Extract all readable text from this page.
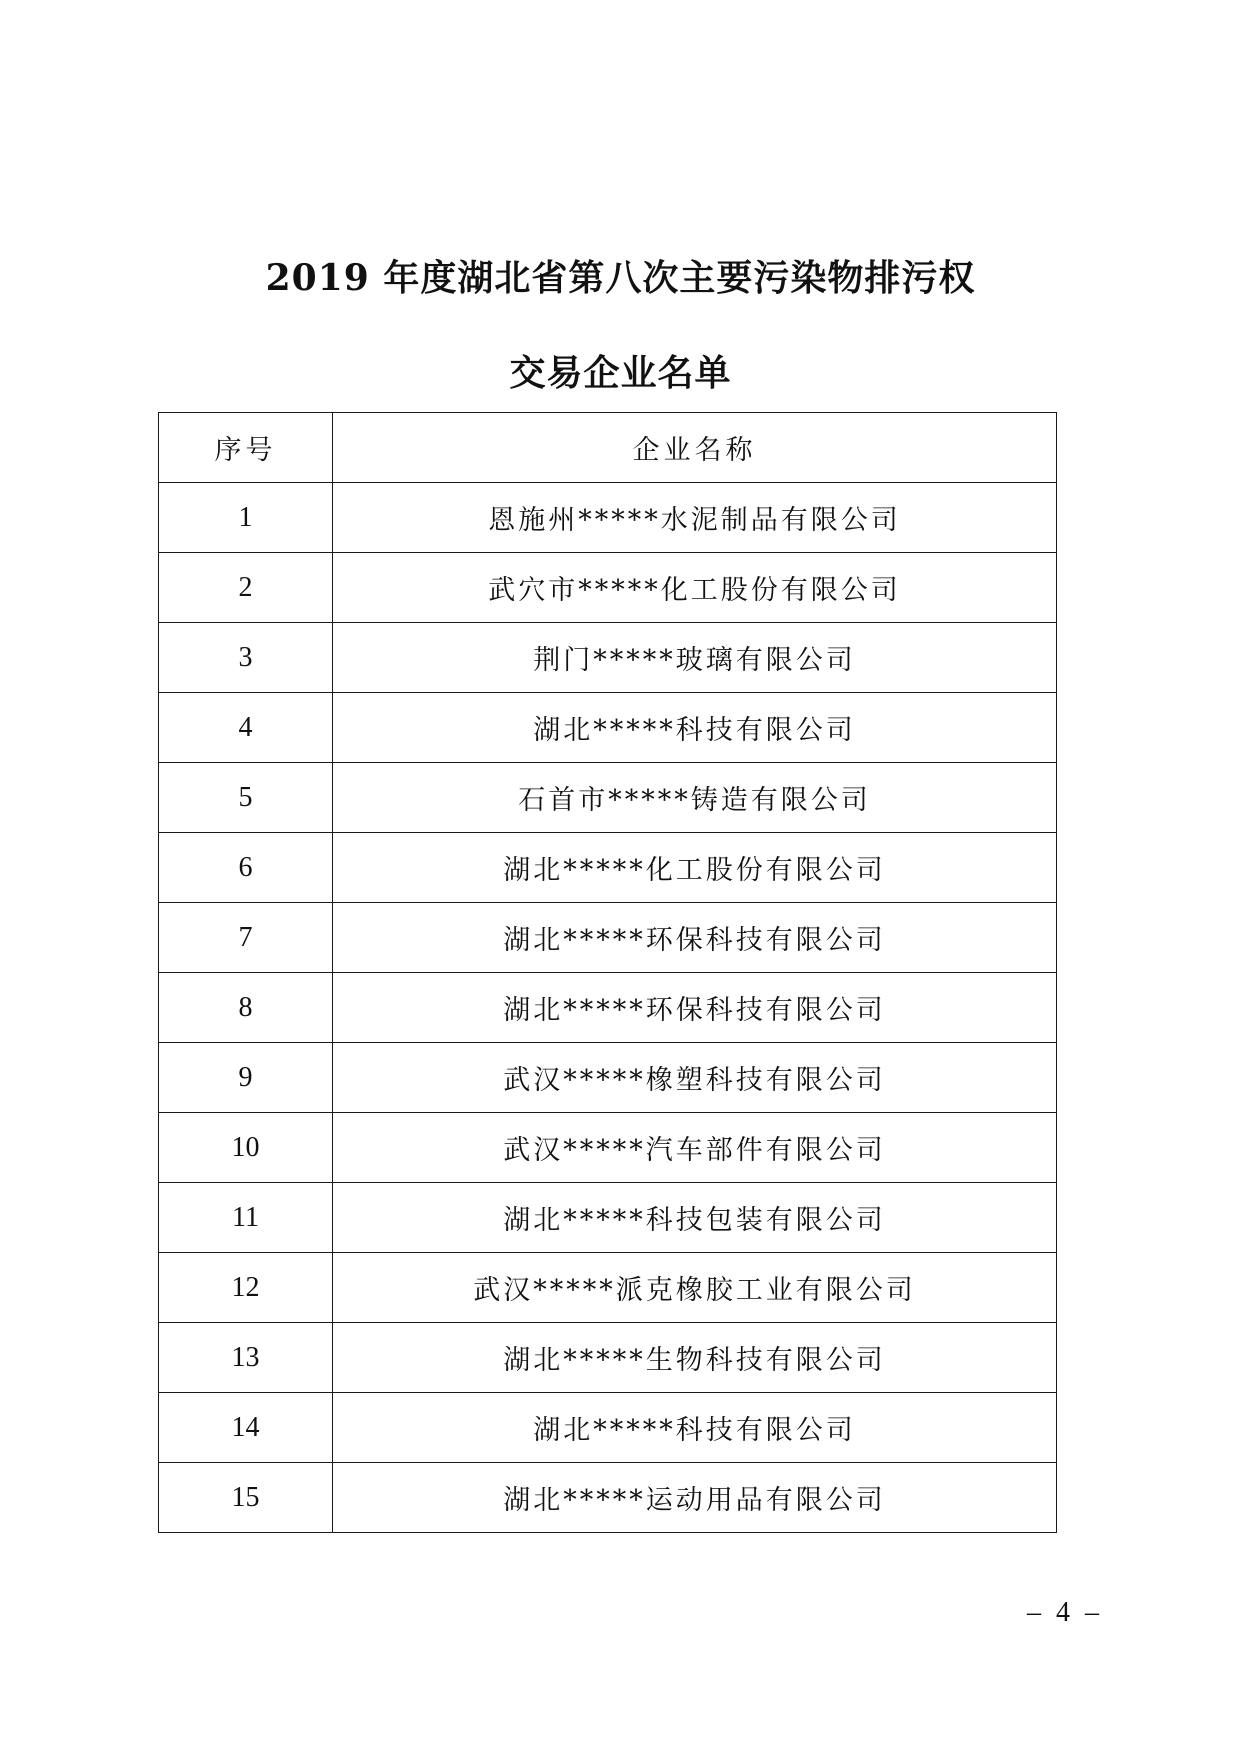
2019 年度湖北省第八次主要污染物排污权
交易企业名单
序号	企业名称
1	恩施州*****水泥制品有限公司
2	武穴市*****化工股份有限公司
3	荆门*****玻璃有限公司
4	湖北*****科技有限公司
5	石首市*****铸造有限公司
6	湖北*****化工股份有限公司
7	湖北*****环保科技有限公司
8	湖北*****环保科技有限公司
9	武汉*****橡塑科技有限公司
10	武汉*****汽车部件有限公司
11	湖北*****科技包装有限公司
12	武汉*****派克橡胶工业有限公司
13	湖北*****生物科技有限公司
14	湖北*****科技有限公司
15	湖北*****运动用品有限公司
– 4 –
